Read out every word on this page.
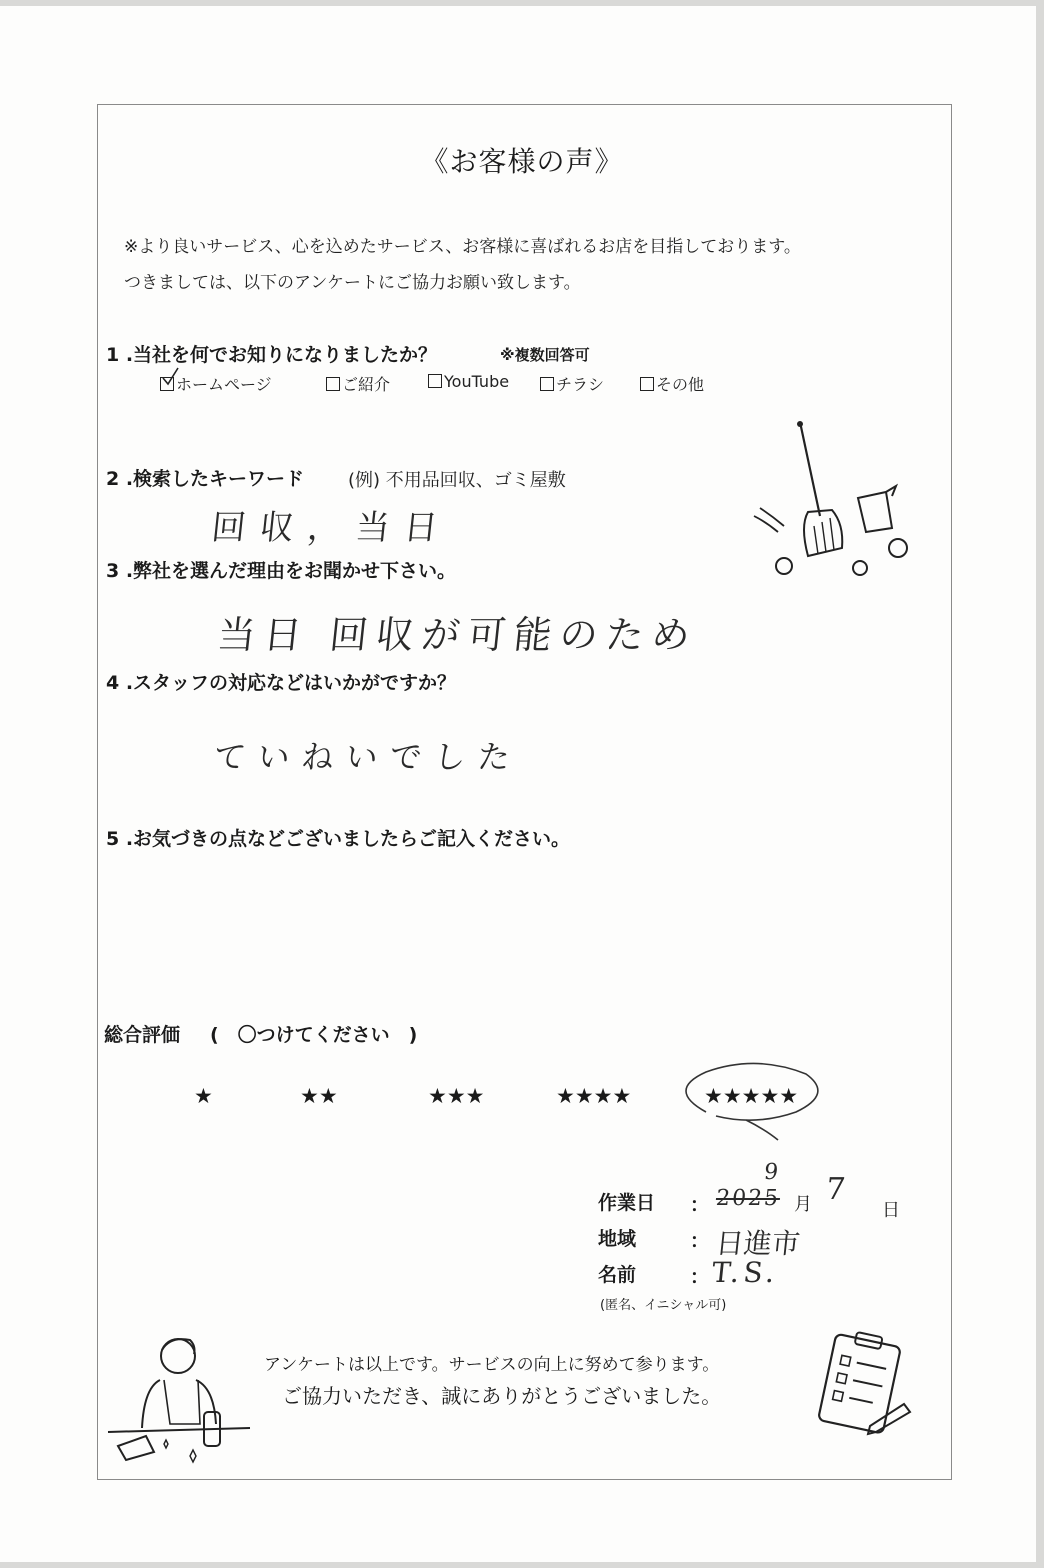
《お客様の声》
※より良いサービス、心を込めたサービス、お客様に喜ばれるお店を目指しております。
つきましては、以下のアンケートにご協力お願い致します。
1 .当社を何でお知りになりましたか？	※複数回答可
ホームページ	ご紹介	YouTube	チラシ	その他
2 .検索したキーワード (例) 不用品回収、ゴミ屋敷
回収，当日
3 .弊社を選んだ理由をお聞かせ下さい。
当日 回収が可能のため
4 .スタッフの対応などはいかがですか？
ていねいでした
5 .お気づきの点などございましたらご記入ください。
総合評価 (　〇つけてください　)
★	★★	★★★	★★★★	★★★★★
作業日 ： 2025
9
月 7
日
地域	： 日進市
名前	： T.S.
(匿名、イニシャル可)
アンケートは以上です。サービスの向上に努めて参ります。
ご協力いただき、誠にありがとうございました。
